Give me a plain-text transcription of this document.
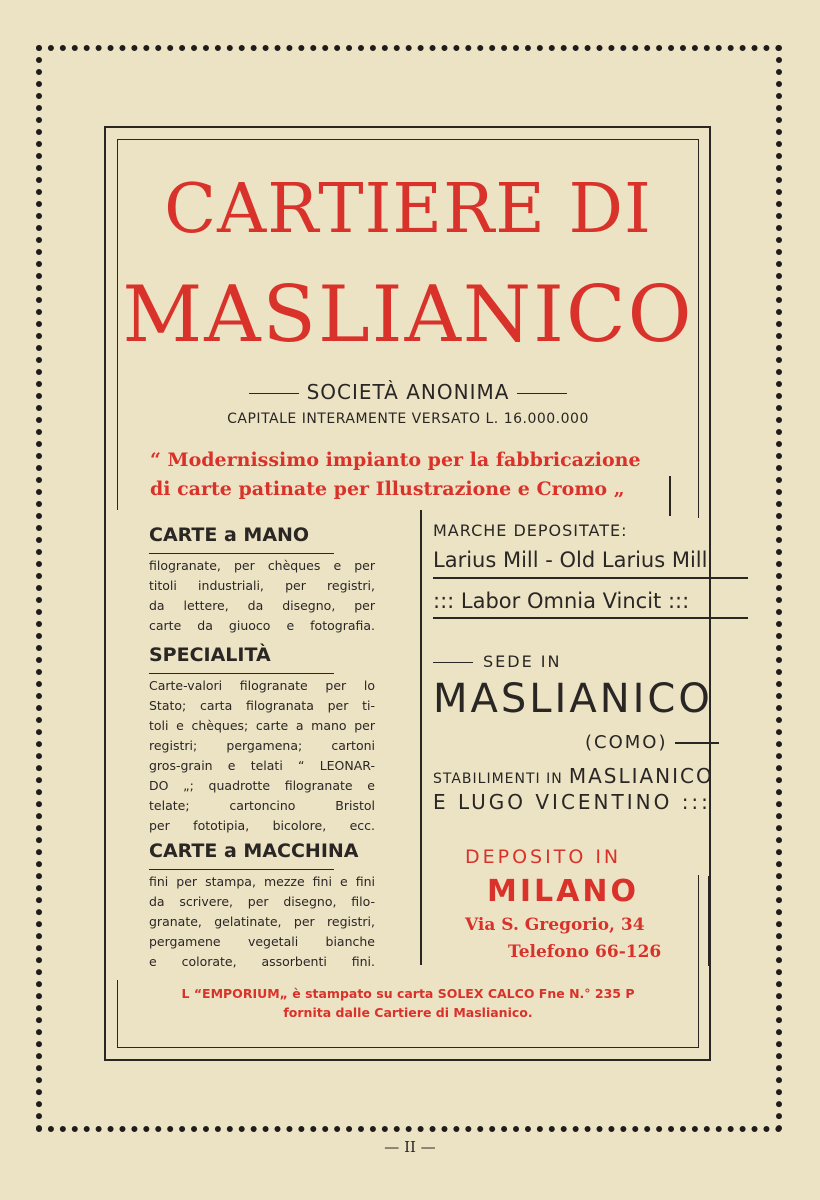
CARTIERE DI
MASLIANICO
SOCIETÀ ANONIMA
CAPITALE INTERAMENTE VERSATO L. 16.000.000
“ Modernissimo impianto per la fabbricazione
di carte patinate per Illustrazione e Cromo „
CARTE a MANO
filogranate, per chèques e per
titoli industriali, per registri,
da lettere, da disegno, per
carte da giuoco e fotografia.
SPECIALITÀ
Carte-valori filogranate per lo
Stato; carta filogranata per ti-
toli e chèques; carte a mano per
registri; pergamena; cartoni
gros-grain e telati “ LEONAR-
DO „; quadrotte filogranate e
telate; cartoncino Bristol
per fototipia, bicolore, ecc.
CARTE a MACCHINA
fini per stampa, mezze fini e fini
da scrivere, per disegno, filo-
granate, gelatinate, per registri,
pergamene vegetali bianche
e colorate, assorbenti fini.
MARCHE DEPOSITATE:
Larius Mill - Old Larius Mill
::: Labor Omnia Vincit :::
SEDE IN
MASLIANICO
(COMO)
STABILIMENTI IN MASLIANICO
E LUGO VICENTINO :::
DEPOSITO IN
MILANO
Via S. Gregorio, 34
Telefono 66-126
L “EMPORIUM„ è stampato su carta SOLEX CALCO Fne N.° 235 P
fornita dalle Cartiere di Maslianico.
— II —
